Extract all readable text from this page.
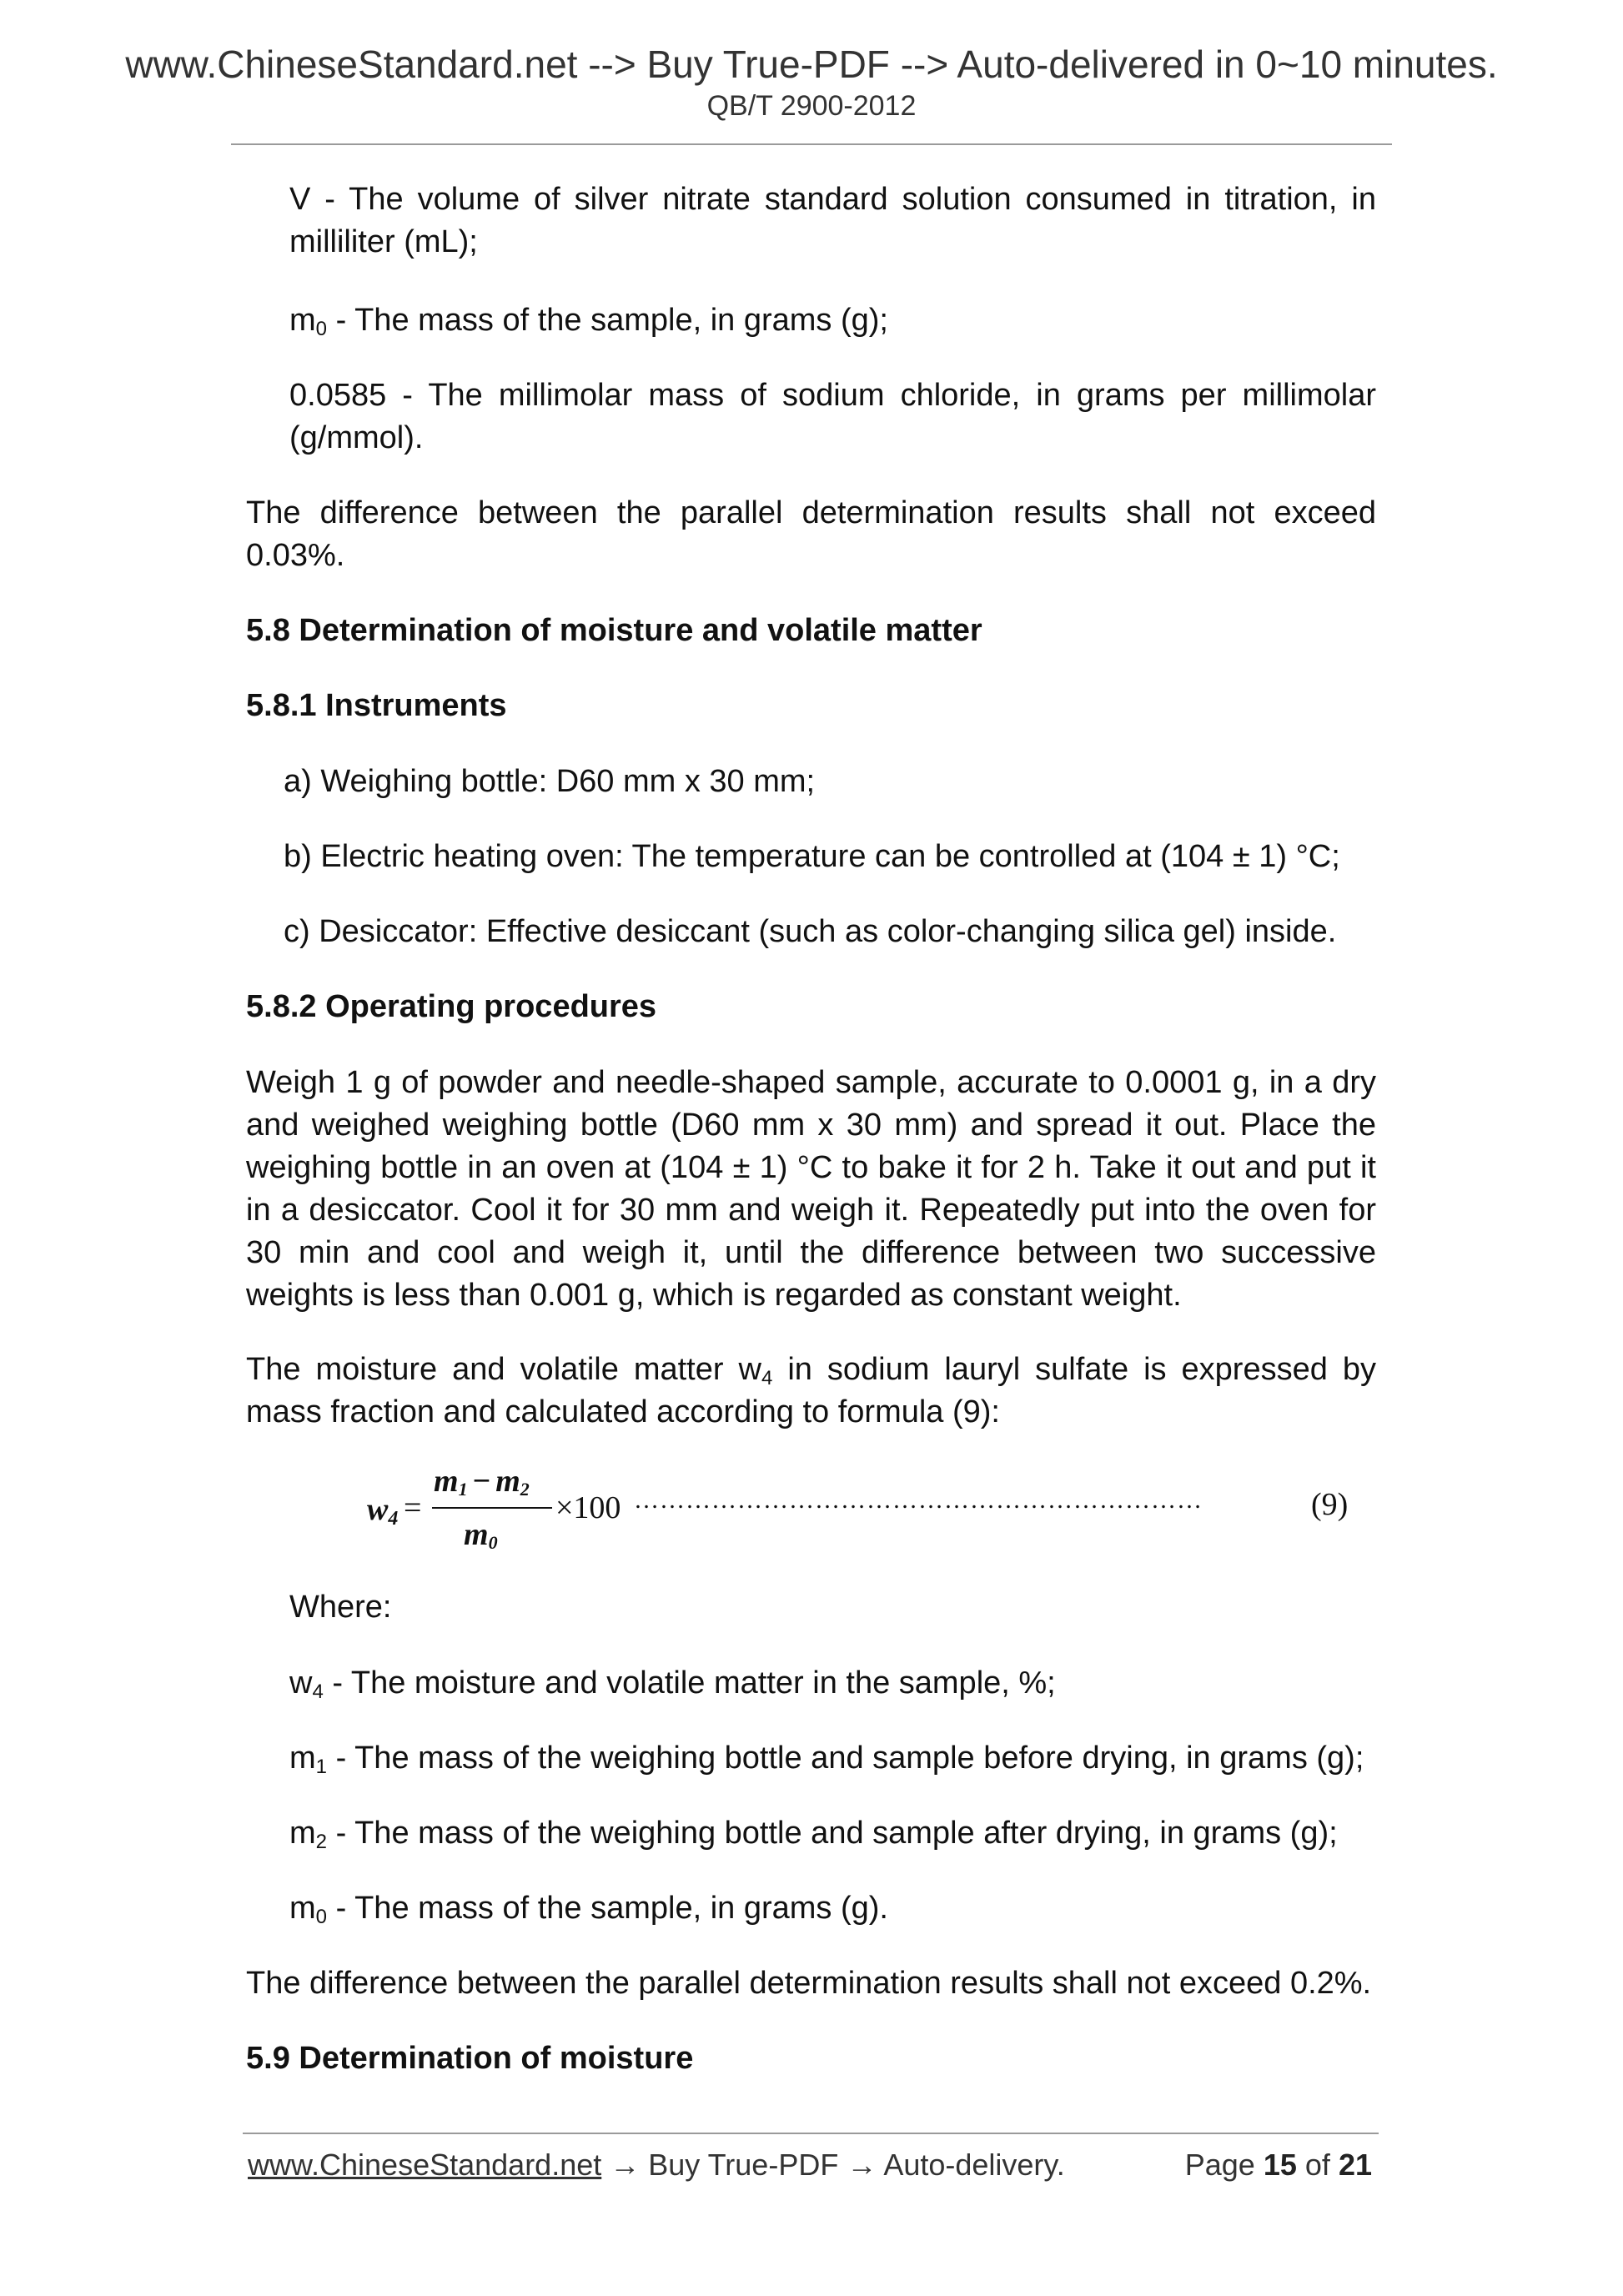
www.ChineseStandard.net --> Buy True-PDF --> Auto-delivered in 0~10 minutes.
QB/T 2900-2012

V - The volume of silver nitrate standard solution consumed in titration, in milliliter (mL);

$m_0$ - The mass of the sample, in grams (g);

0.0585 - The millimolar mass of sodium chloride, in grams per millimolar (g/mmol).

The difference between the parallel determination results shall not exceed 0.03%.

5.8 Determination of moisture and volatile matter

5.8.1 Instruments

a) Weighing bottle: D60 mm x 30 mm;

b) Electric heating oven: The temperature can be controlled at (104 ± 1) °C;

c) Desiccator: Effective desiccant (such as color-changing silica gel) inside.

5.8.2 Operating procedures

Weigh 1 g of powder and needle-shaped sample, accurate to 0.0001 g, in a dry and weighed weighing bottle (D60 mm x 30 mm) and spread it out. Place the weighing bottle in an oven at (104 ± 1) °C to bake it for 2 h. Take it out and put it in a desiccator. Cool it for 30 mm and weigh it. Repeatedly put into the oven for 30 min and cool and weigh it, until the difference between two successive weights is less than 0.001 g, which is regarded as constant weight.

The moisture and volatile matter $w_4$ in sodium lauryl sulfate is expressed by mass fraction and calculated according to formula (9):

$w_4$ =
$m_1 - m_2$
$m_0$
×100 …………………………………………………………	(9)

Where:

$w_4$ - The moisture and volatile matter in the sample, %;

$m_1$ - The mass of the weighing bottle and sample before drying, in grams (g);

$m_2$ - The mass of the weighing bottle and sample after drying, in grams (g);

$m_0$ - The mass of the sample, in grams (g).

The difference between the parallel determination results shall not exceed 0.2%.

5.9 Determination of moisture

www.ChineseStandard.net → Buy True-PDF → Auto-delivery.	Page 15 of 21
